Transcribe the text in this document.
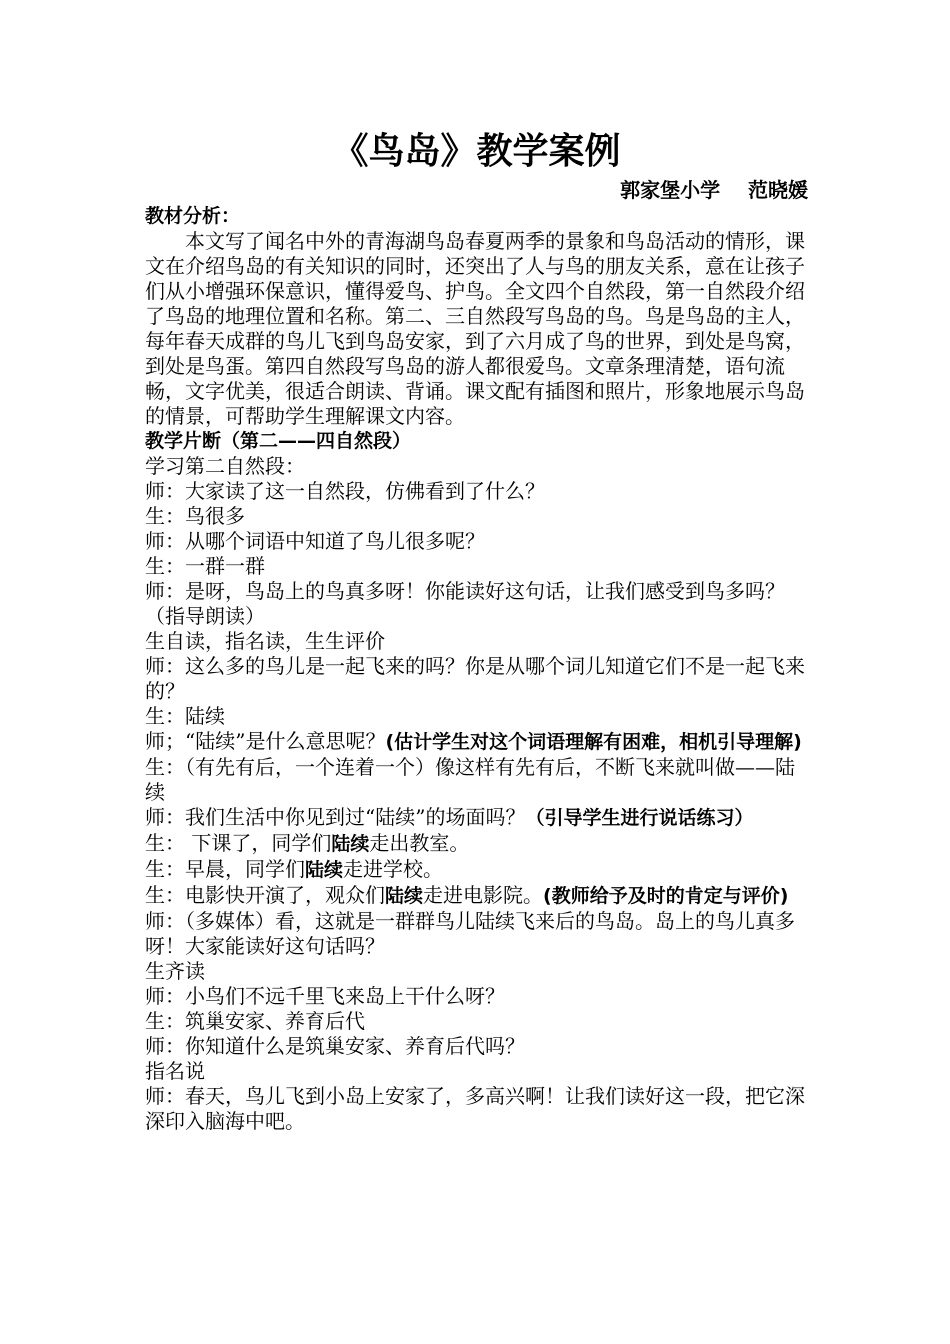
《鸟岛》教学案例
郭家堡小学    范晓媛
教材分析：

本文写了闻名中外的青海湖鸟岛春夏两季的景象和鸟岛活动的情形，课文在介绍鸟岛的有关知识的同时，还突出了人与鸟的朋友关系，意在让孩子们从小增强环保意识，懂得爱鸟、护鸟。全文四个自然段，第一自然段介绍了鸟岛的地理位置和名称。第二、三自然段写鸟岛的鸟。鸟是鸟岛的主人，每年春天成群的鸟儿飞到鸟岛安家，到了六月成了鸟的世界，到处是鸟窝，到处是鸟蛋。第四自然段写鸟岛的游人都很爱鸟。文章条理清楚，语句流畅，文字优美，很适合朗读、背诵。课文配有插图和照片，形象地展示鸟岛的情景，可帮助学生理解课文内容。

教学片断（第二——四自然段）

学习第二自然段：

师：大家读了这一自然段，仿佛看到了什么？

生：鸟很多

师：从哪个词语中知道了鸟儿很多呢？

生：一群一群

师：是呀，鸟岛上的鸟真多呀！你能读好这句话，让我们感受到鸟多吗？（指导朗读）

生自读，指名读，生生评价

师：这么多的鸟儿是一起飞来的吗？你是从哪个词儿知道它们不是一起飞来的？

生：陆续

师；“陆续”是什么意思呢？(估计学生对这个词语理解有困难，相机引导理解)

生：（有先有后，一个连着一个）像这样有先有后，不断飞来就叫做——陆续

师：我们生活中你见到过“陆续”的场面吗？（引导学生进行说话练习）

生： 下课了，同学们陆续走出教室。

生：早晨，同学们陆续走进学校。

生：电影快开演了，观众们陆续走进电影院。(教师给予及时的肯定与评价)

师：（多媒体）看，这就是一群群鸟儿陆续飞来后的鸟岛。岛上的鸟儿真多呀！大家能读好这句话吗？

生齐读

师：小鸟们不远千里飞来岛上干什么呀？

生：筑巢安家、养育后代

师：你知道什么是筑巢安家、养育后代吗？

指名说

师：春天，鸟儿飞到小岛上安家了，多高兴啊！让我们读好这一段，把它深深印入脑海中吧。
